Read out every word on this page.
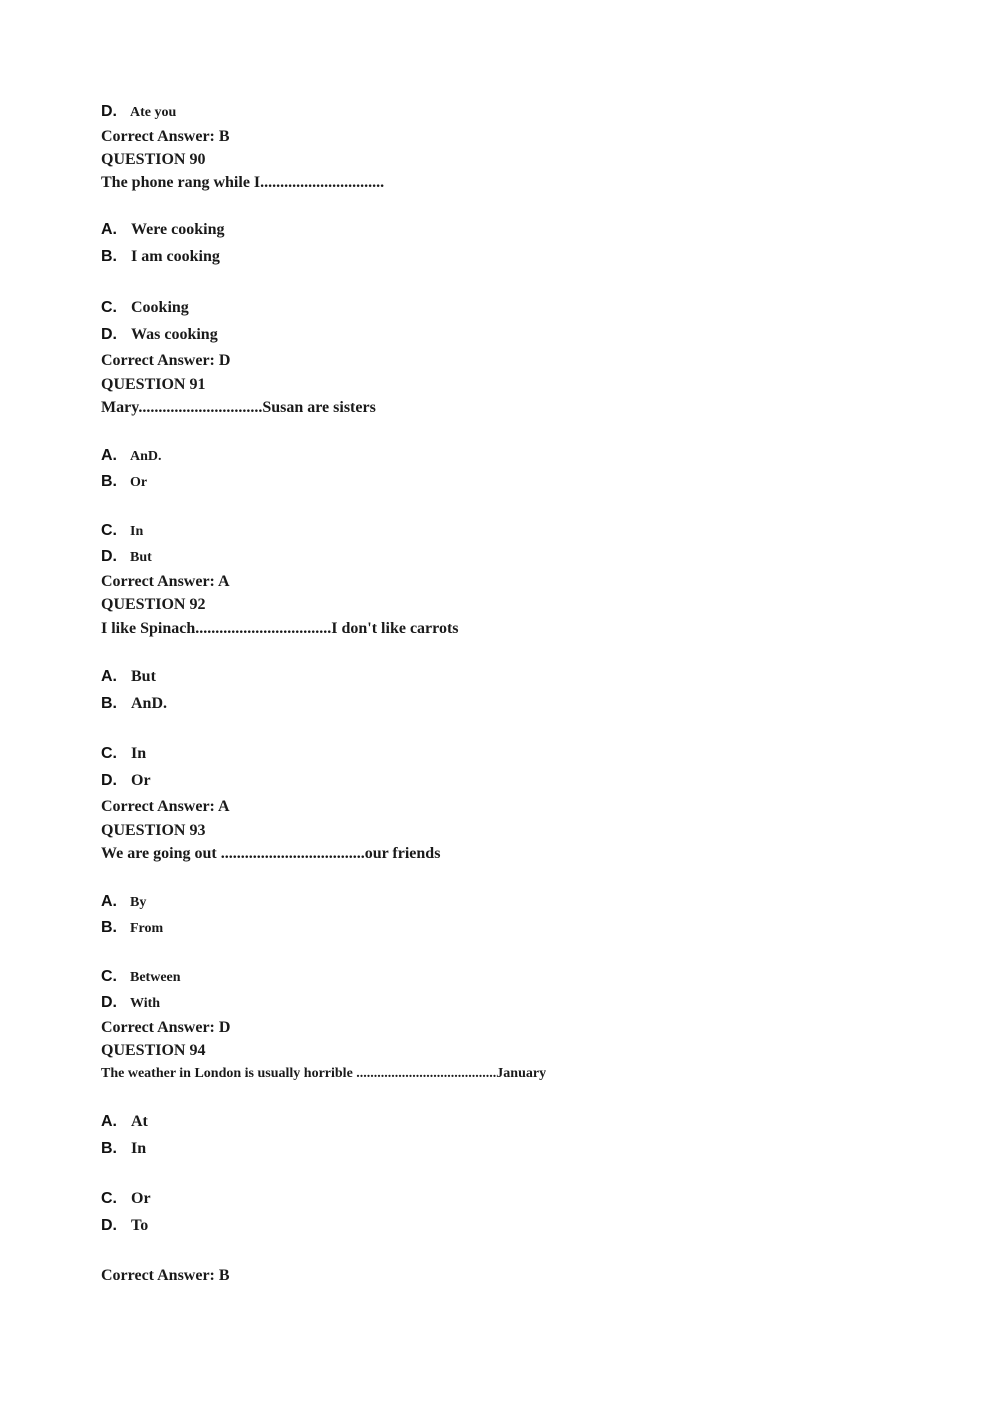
D. Ate you
Correct Answer: B
QUESTION 90
The phone rang while I...............................
A. Were cooking
B. I am cooking
C. Cooking
D. Was cooking
Correct Answer: D
QUESTION 91
Mary...............................Susan are sisters
A. AnD.
B. Or
C. In
D. But
Correct Answer: A
QUESTION 92
I like Spinach..................................I don't like carrots
A. But
B. AnD.
C. In
D. Or
Correct Answer: A
QUESTION 93
We are going out ....................................our friends
A. By
B. From
C. Between
D. With
Correct Answer: D
QUESTION 94
The weather in London is usually horrible ........................................January
A. At
B. In
C. Or
D. To
Correct Answer: B
